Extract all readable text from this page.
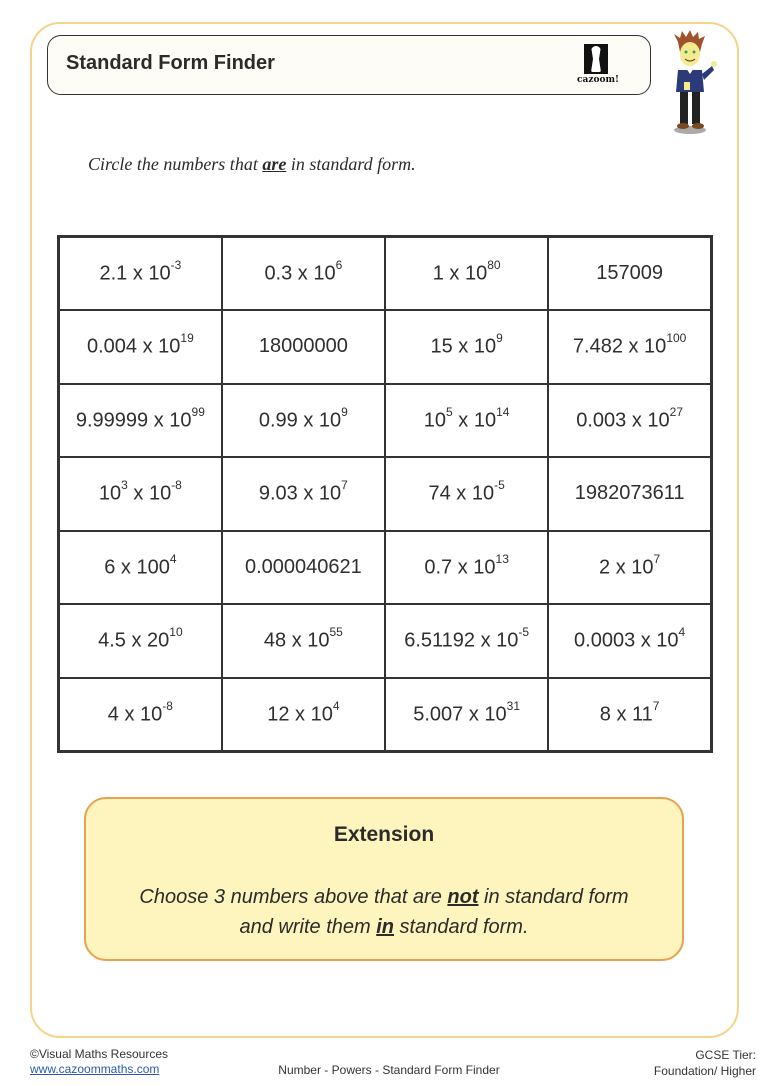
Standard Form Finder
cazoom!
Circle the numbers that are in standard form.
2.1 x $10^{-3}$	0.3 x $10^6$	1 x $10^{80}$	157009
0.004 x $10^{19}$	18000000	15 x $10^9$	7.482 x $10^{100}$
9.99999 x $10^{99}$	0.99 x $10^9$	$10^5$ x $10^{14}$	0.003 x $10^{27}$
$10^3$ x $10^{-8}$	9.03 x $10^7$	74 x $10^{-5}$	1982073611
6 x $100^4$	0.000040621	0.7 x $10^{13}$	2 x $10^7$
4.5 x $20^{10}$	48 x $10^{55}$	6.51192 x $10^{-5}$	0.0003 x $10^4$
4 x $10^{-8}$	12 x $10^4$	5.007 x $10^{31}$	8 x $11^7$
Extension
Choose 3 numbers above that are not in standard form
and write them in standard form.
©Visual Maths Resources
www.cazoommaths.com	Number - Powers - Standard Form Finder
GCSE Tier:
Foundation/ Higher
